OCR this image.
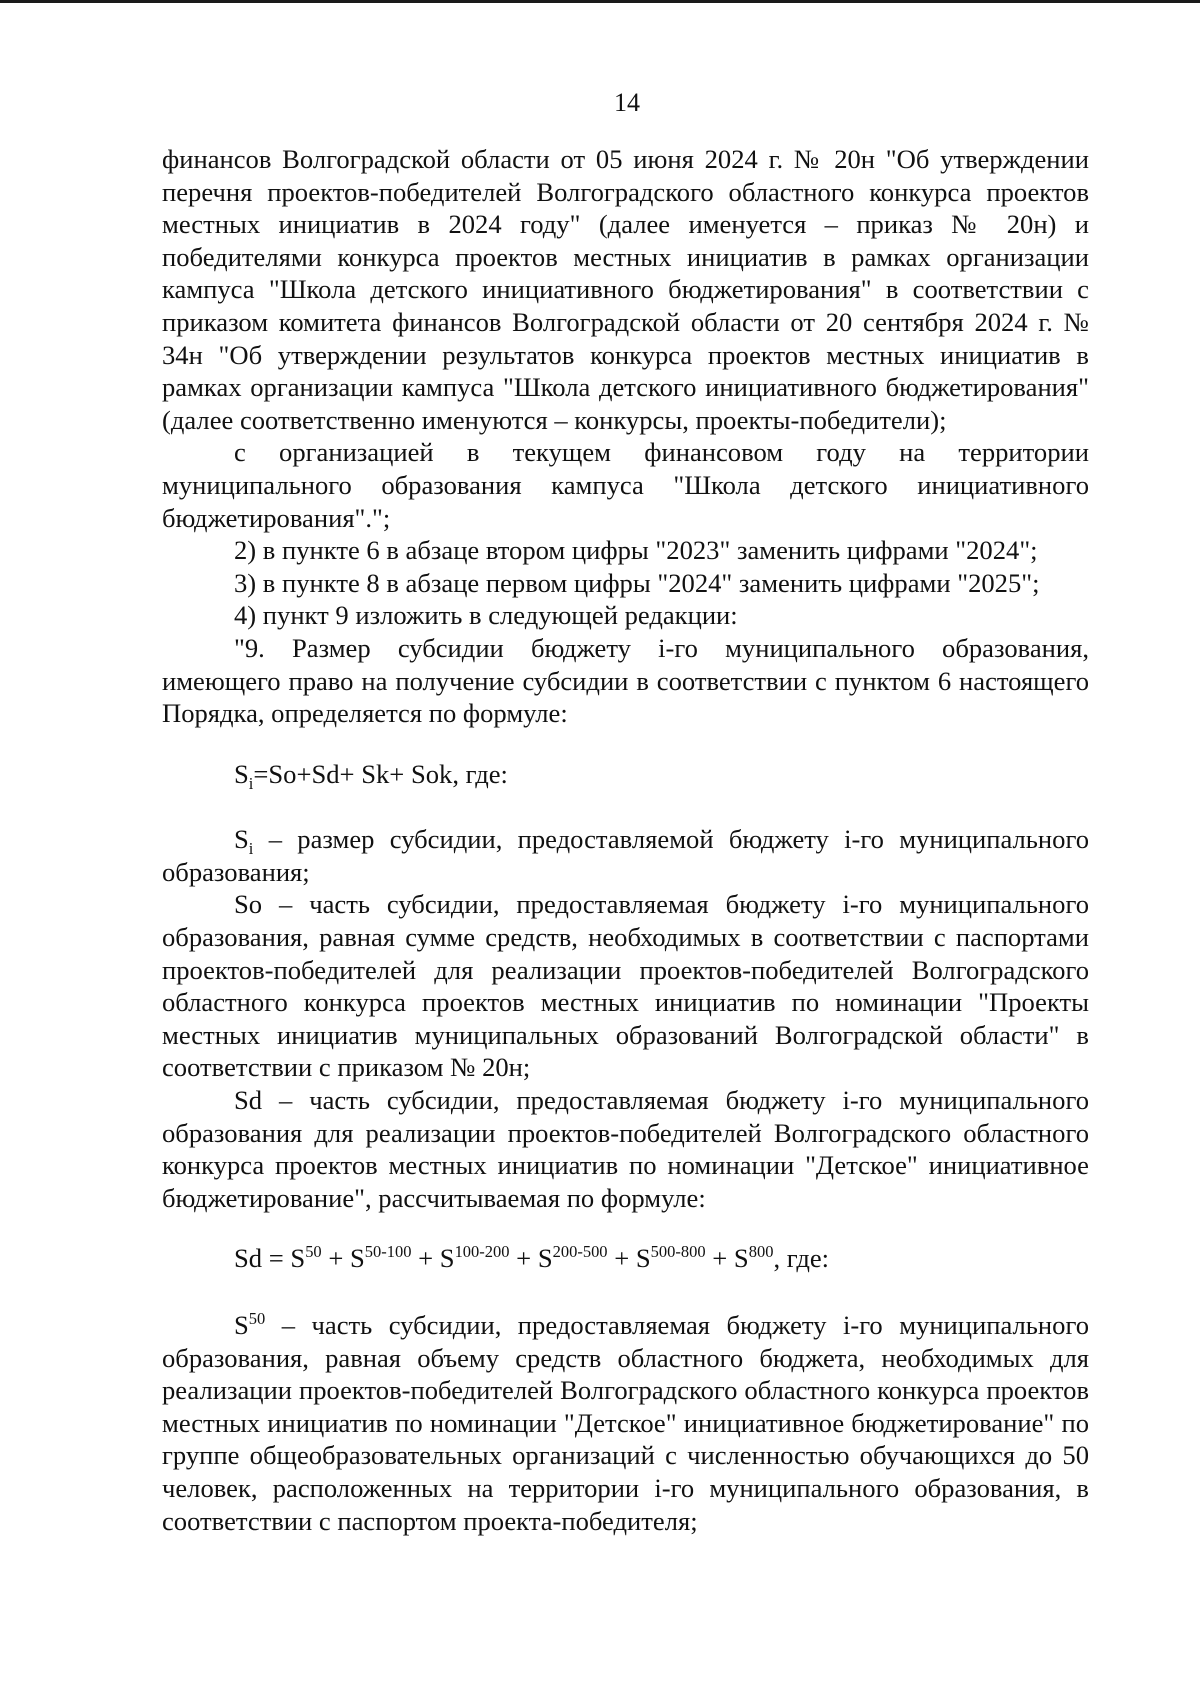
14

финансов Волгоградской области от 05 июня 2024 г. № 20н "Об утверждении перечня проектов-победителей Волгоградского областного конкурса проектов местных инициатив в 2024 году" (далее именуется – приказ № 20н) и победителями конкурса проектов местных инициатив в рамках организации кампуса "Школа детского инициативного бюджетирования" в соответствии с приказом комитета финансов Волгоградской области от 20 сентября 2024 г. № 34н "Об утверждении результатов конкурса проектов местных инициатив в рамках организации кампуса "Школа детского инициативного бюджетирования" (далее соответственно именуются – конкурсы, проекты-победители);

с организацией в текущем финансовом году на территории муниципального образования кампуса "Школа детского инициативного бюджетирования".";

2) в пункте 6 в абзаце втором цифры "2023" заменить цифрами "2024";

3) в пункте 8 в абзаце первом цифры "2024" заменить цифрами "2025";

4) пункт 9 изложить в следующей редакции:

"9. Размер субсидии бюджету i-го муниципального образования, имеющего право на получение субсидии в соответствии с пунктом 6 настоящего Порядка, определяется по формуле:

$S_i=So+Sd+ Sk+$ Sok, где:

$S_i$ – размер субсидии, предоставляемой бюджету i-го муниципального образования;

So – часть субсидии, предоставляемая бюджету i-го муниципального образования, равная сумме средств, необходимых в соответствии с паспортами проектов-победителей для реализации проектов-победителей Волгоградского областного конкурса проектов местных инициатив по номинации "Проекты местных инициатив муниципальных образований Волгоградской области" в соответствии с приказом № 20н;

Sd – часть субсидии, предоставляемая бюджету i-го муниципального образования для реализации проектов-победителей Волгоградского областного конкурса проектов местных инициатив по номинации "Детское" инициативное бюджетирование", рассчитываемая по формуле:

$Sd = S^{50} + S^{50-100} + S^{100-200} + S^{200-500} + S^{500-800} + S^{800}$, где:

$S^{50}$ – часть субсидии, предоставляемая бюджету i-го муниципального образования, равная объему средств областного бюджета, необходимых для реализации проектов-победителей Волгоградского областного конкурса проектов местных инициатив по номинации "Детское" инициативное бюджетирование" по группе общеобразовательных организаций с численностью обучающихся до 50 человек, расположенных на территории i-го муниципального образования, в соответствии с паспортом проекта-победителя;
